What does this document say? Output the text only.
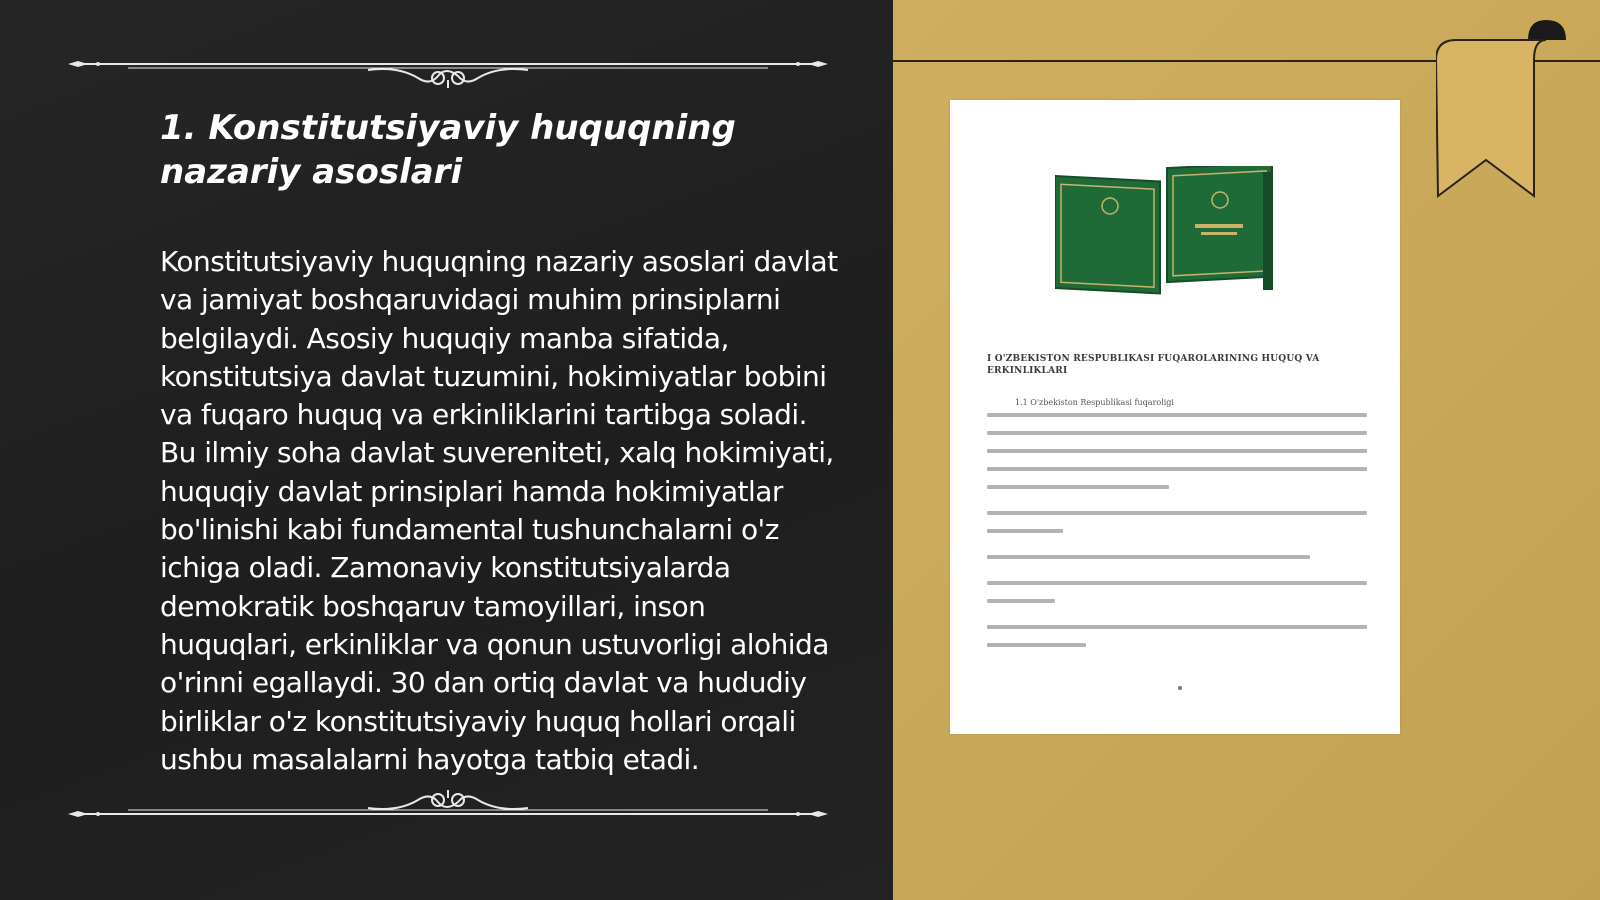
1. Konstitutsiyaviy huquqning nazariy asoslari

Konstitutsiyaviy huquqning nazariy asoslari davlat va jamiyat boshqaruvidagi muhim prinsiplarni belgilaydi. Asosiy huquqiy manba sifatida, konstitutsiya davlat tuzumini, hokimiyatlar bobini va fuqaro huquq va erkinliklarini tartibga soladi. Bu ilmiy soha davlat suvereniteti, xalq hokimiyati, huquqiy davlat prinsiplari hamda hokimiyatlar bo'linishi kabi fundamental tushunchalarni o'z ichiga oladi. Zamonaviy konstitutsiyalarda demokratik boshqaruv tamoyillari, inson huquqlari, erkinliklar va qonun ustuvorligi alohida o'rinni egallaydi. 30 dan ortiq davlat va hududiy birliklar o'z konstitutsiyaviy huquq hollari orqali ushbu masalalarni hayotga tatbiq etadi.

I O'ZBEKISTON RESPUBLIKASI FUQAROLARINING HUQUQ VA ERKINLIKLARI
1.1 O'zbekiston Respublikasi fuqaroligi
